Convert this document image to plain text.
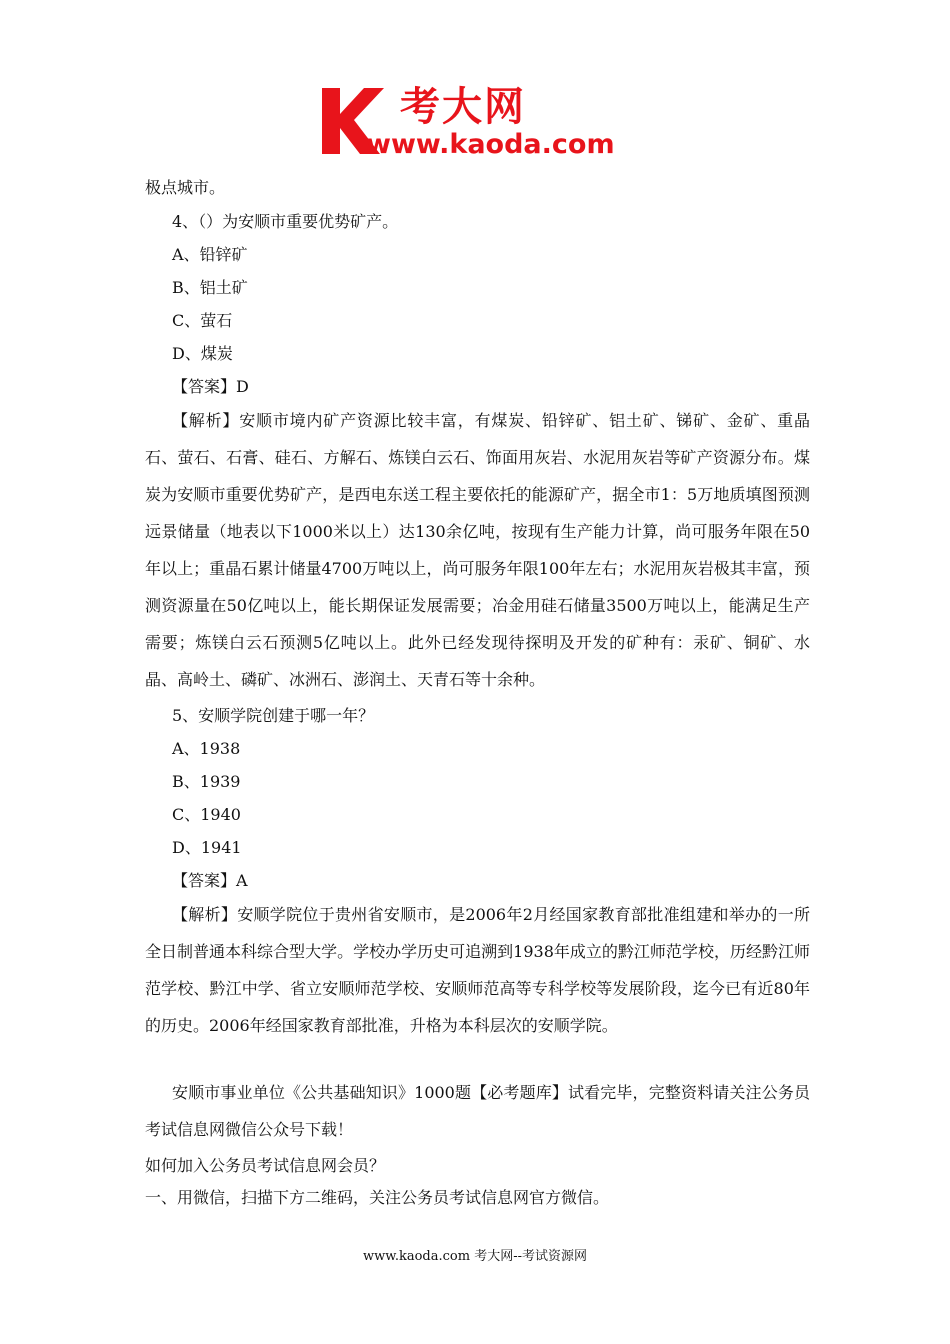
考大网
www.kaoda.com
极点城市。
4、（）为安顺市重要优势矿产。
A、铅锌矿
B、铝土矿
C、萤石
D、煤炭
【答案】D
【解析】安顺市境内矿产资源比较丰富，有煤炭、铅锌矿、铝土矿、锑矿、金矿、重晶石、萤石、石膏、硅石、方解石、炼镁白云石、饰面用灰岩、水泥用灰岩等矿产资源分布。煤炭为安顺市重要优势矿产，是西电东送工程主要依托的能源矿产，据全市1：5万地质填图预测远景储量（地表以下1000米以上）达130余亿吨，按现有生产能力计算，尚可服务年限在50年以上；重晶石累计储量4700万吨以上，尚可服务年限100年左右；水泥用灰岩极其丰富，预测资源量在50亿吨以上，能长期保证发展需要；冶金用硅石储量3500万吨以上，能满足生产需要；炼镁白云石预测5亿吨以上。此外已经发现待探明及开发的矿种有：汞矿、铜矿、水晶、高岭土、磷矿、冰洲石、澎润土、天青石等十余种。
5、安顺学院创建于哪一年？
A、1938
B、1939
C、1940
D、1941
【答案】A
【解析】安顺学院位于贵州省安顺市，是2006年2月经国家教育部批准组建和举办的一所全日制普通本科综合型大学。学校办学历史可追溯到1938年成立的黔江师范学校，历经黔江师范学校、黔江中学、省立安顺师范学校、安顺师范高等专科学校等发展阶段，迄今已有近80年的历史。2006年经国家教育部批准，升格为本科层次的安顺学院。
安顺市事业单位《公共基础知识》1000题【必考题库】试看完毕，完整资料请关注公务员考试信息网微信公众号下载！
如何加入公务员考试信息网会员？
一、用微信，扫描下方二维码，关注公务员考试信息网官方微信。
www.kaoda.com 考大网--考试资源网
